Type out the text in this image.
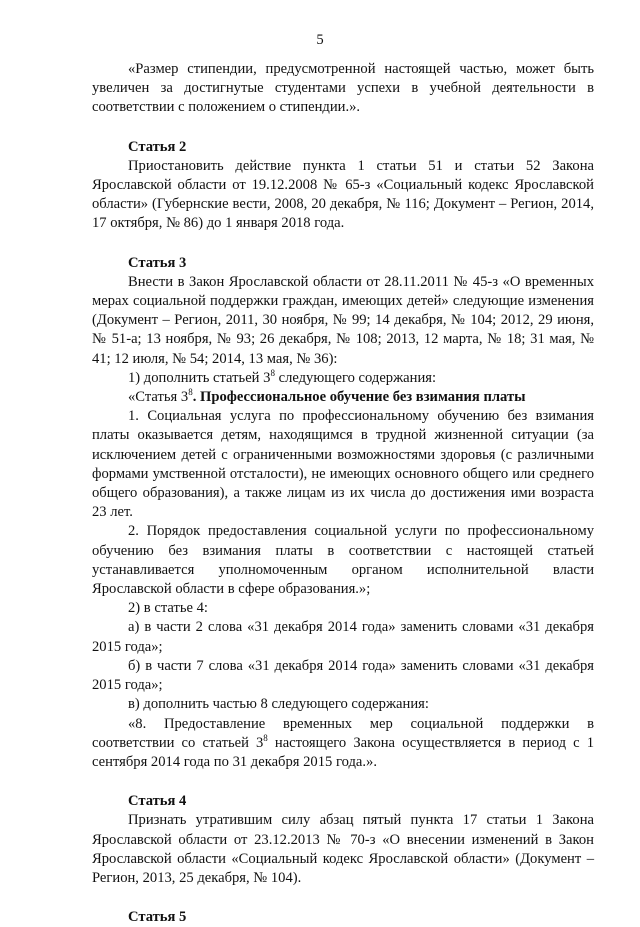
5

«Размер стипендии, предусмотренной настоящей частью, может быть увеличен за достигнутые студентами успехи в учебной деятельности в соответствии с положением о стипендии.».

Статья 2

Приостановить действие пункта 1 статьи 51 и статьи 52 Закона Ярославской области от 19.12.2008 № 65-з «Социальный кодекс Ярославской области» (Губернские вести, 2008, 20 декабря, № 116; Документ – Регион, 2014, 17 октября, № 86) до 1 января 2018 года.

Статья 3

Внести в Закон Ярославской области от 28.11.2011 № 45-з «О временных мерах социальной поддержки граждан, имеющих детей» следующие изменения (Документ – Регион, 2011, 30 ноября, № 99; 14 декабря, № 104; 2012, 29 июня, № 51-а; 13 ноября, № 93; 26 декабря, № 108; 2013, 12 марта, № 18; 31 мая, № 41; 12 июля, № 54; 2014, 13 мая, № 36):

1) дополнить статьей $3^8$ следующего содержания:

«Статья $3^8$. Профессиональное обучение без взимания платы

1. Социальная услуга по профессиональному обучению без взимания платы оказывается детям, находящимся в трудной жизненной ситуации (за исключением детей с ограниченными возможностями здоровья (с различными формами умственной отсталости), не имеющих основного общего или среднего общего образования), а также лицам из их числа до достижения ими возраста 23 лет.

2. Порядок предоставления социальной услуги по профессиональному обучению без взимания платы в соответствии с настоящей статьей устанавливается уполномоченным органом исполнительной власти Ярославской области в сфере образования.»;

2) в статье 4:

а) в части 2 слова «31 декабря 2014 года» заменить словами «31 декабря 2015 года»;

б) в части 7 слова «31 декабря 2014 года» заменить словами «31 декабря 2015 года»;

в) дополнить частью 8 следующего содержания:

«8. Предоставление временных мер социальной поддержки в соответствии со статьей $3^8$ настоящего Закона осуществляется в период с 1 сентября 2014 года по 31 декабря 2015 года.».

Статья 4

Признать утратившим силу абзац пятый пункта 17 статьи 1 Закона Ярославской области от 23.12.2013 № 70-з «О внесении изменений в Закон Ярославской области «Социальный кодекс Ярославской области» (Документ – Регион, 2013, 25 декабря, № 104).

Статья 5
